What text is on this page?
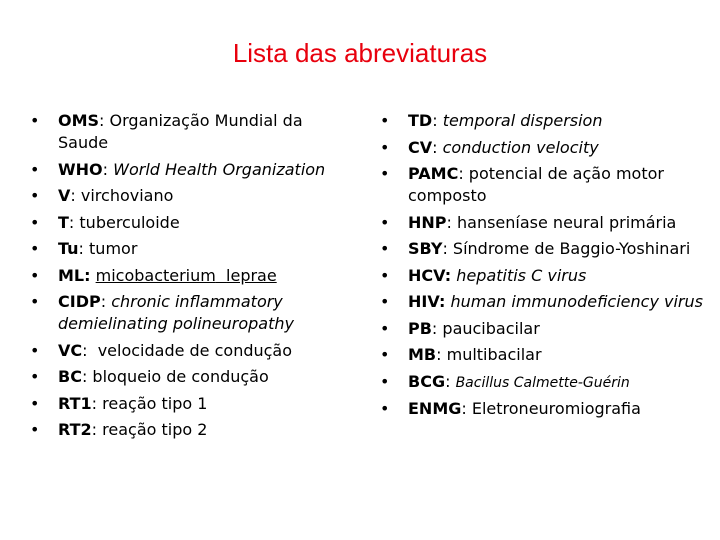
Lista das abreviaturas
• OMS: Organização Mundial da Saude
• WHO: World Health Organization
• V: virchoviano
• T: tuberculoide
• Tu: tumor
• ML: micobacterium leprae
• CIDP: chronic inflammatory demielinating polineuropathy
• VC:  velocidade de condução
• BC: bloqueio de condução
• RT1: reação tipo 1
• RT2: reação tipo 2
• TD: temporal dispersion
• CV: conduction velocity
• PAMC: potencial de ação motor composto
• HNP: hanseníase neural primária
• SBY: Síndrome de Baggio-Yoshinari
• HCV: hepatitis C virus
• HIV: human immunodeficiency virus
• PB: paucibacilar
• MB: multibacilar
• BCG: Bacillus Calmette-Guérin
• ENMG: Eletroneuromiografia
